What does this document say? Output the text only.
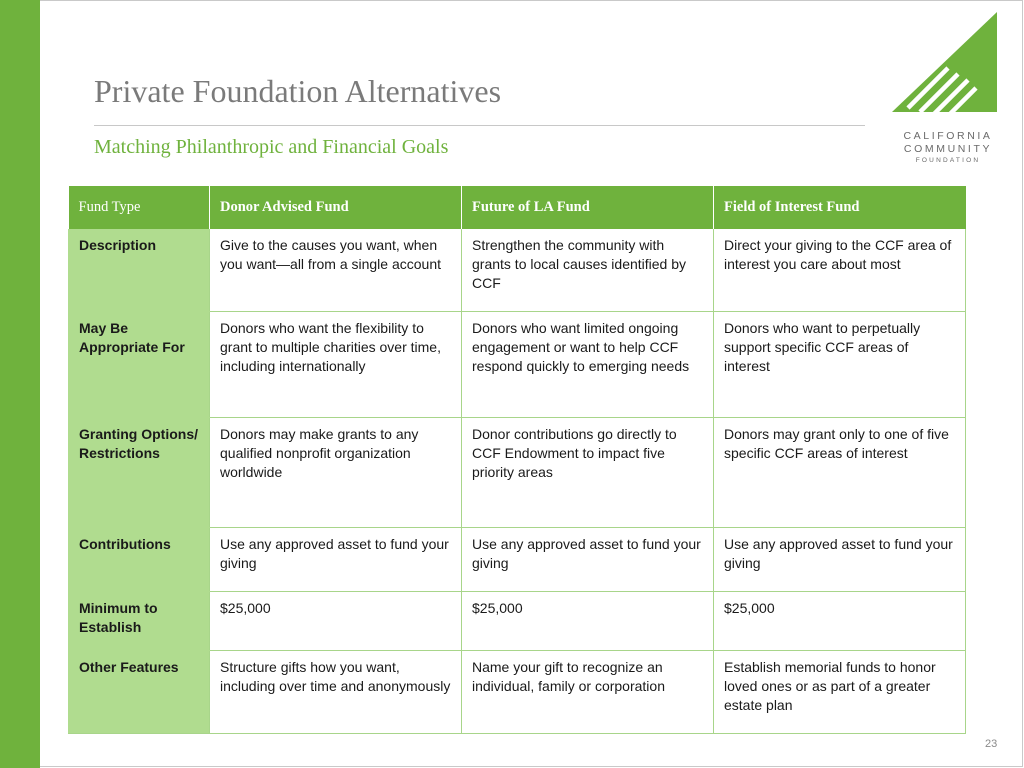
Private Foundation Alternatives
Matching Philanthropic and Financial Goals	CALIFORNIA
COMMUNITY
FOUNDATION
Fund Type	Donor Advised Fund	Future of LA Fund	Field of Interest Fund
Description	Give to the causes you want, when you want—all from a single account	Strengthen the community with grants to local causes identified by CCF	Direct your giving to the CCF area of interest you care about most
May Be Appropriate For	Donors who want the flexibility to grant to multiple charities over time, including internationally	Donors who want limited ongoing engagement or want to help CCF respond quickly to emerging needs	Donors who want to perpetually support specific CCF areas of interest
Granting Options/ Restrictions	Donors may make grants to any qualified nonprofit organization worldwide	Donor contributions go directly to CCF Endowment to impact five priority areas	Donors may grant only to one of five specific CCF areas of interest
Contributions	Use any approved asset to fund your giving	Use any approved asset to fund your giving	Use any approved asset to fund your giving
Minimum to Establish	$25,000	$25,000	$25,000
Other Features	Structure gifts how you want, including over time and anonymously	Name your gift to recognize an individual, family or corporation	Establish memorial funds to honor loved ones or as part of a greater estate plan
23
